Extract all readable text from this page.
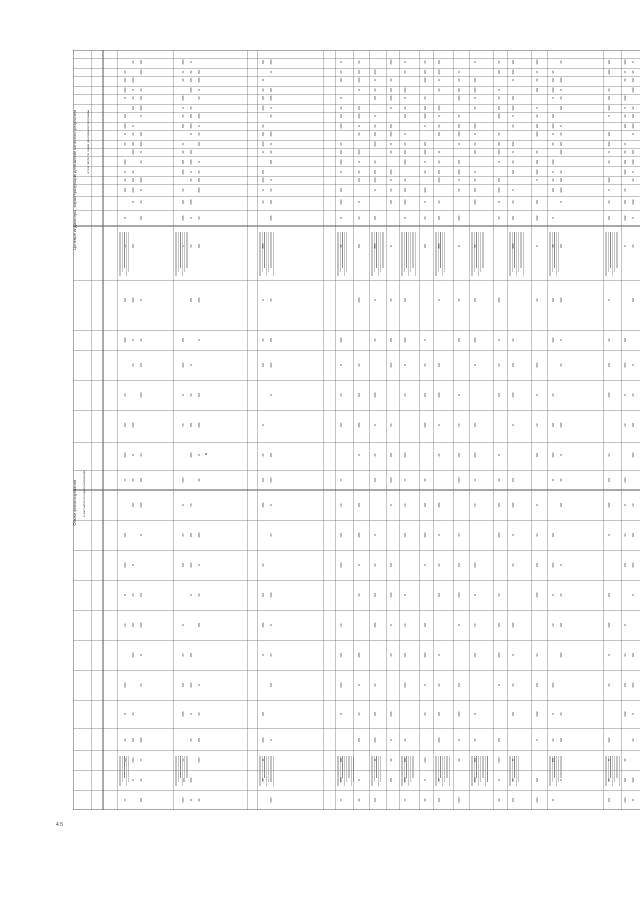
Объем финансирования в том числе по годам реализации
Целевые индикаторы, характеризующие достижение конечного результата	в том числе по годам реализации программы
4 5
